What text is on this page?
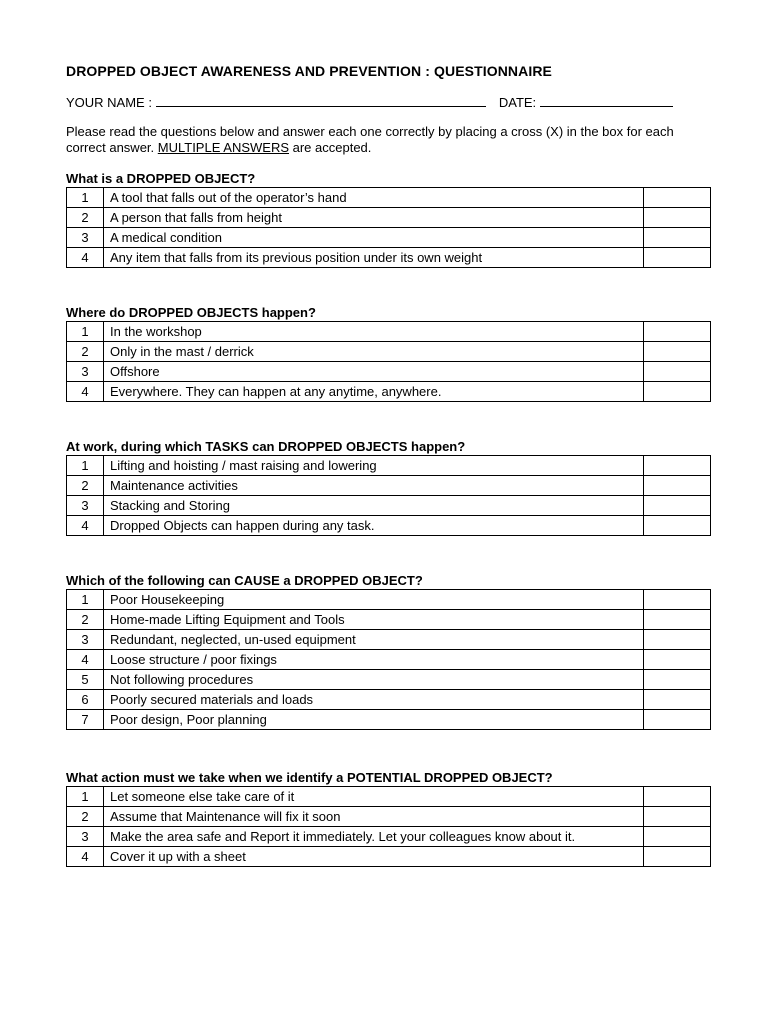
DROPPED OBJECT AWARENESS AND PREVENTION : QUESTIONNAIRE
YOUR NAME :	DATE:

Please read the questions below and answer each one correctly by placing a cross (X) in the box for each correct answer. MULTIPLE ANSWERS are accepted.

What is a DROPPED OBJECT?
1	A tool that falls out of the operator’s hand	
2	A person that falls from height	
3	A medical condition	
4	Any item that falls from its previous position under its own weight	
Where do DROPPED OBJECTS happen?
1	In the workshop	
2	Only in the mast / derrick	
3	Offshore	
4	Everywhere. They can happen at any anytime, anywhere.	
At work, during which TASKS can DROPPED OBJECTS happen?
1	Lifting and hoisting / mast raising and lowering	
2	Maintenance activities	
3	Stacking and Storing	
4	Dropped Objects can happen during any task.	
Which of the following can CAUSE a DROPPED OBJECT?
1	Poor Housekeeping	
2	Home-made Lifting Equipment and Tools	
3	Redundant, neglected, un-used equipment	
4	Loose structure / poor fixings	
5	Not following procedures	
6	Poorly secured materials and loads	
7	Poor design, Poor planning	
What action must we take when we identify a POTENTIAL DROPPED OBJECT?
1	Let someone else take care of it	
2	Assume that Maintenance will fix it soon	
3	Make the area safe and Report it immediately. Let your colleagues know about it.	
4	Cover it up with a sheet	
